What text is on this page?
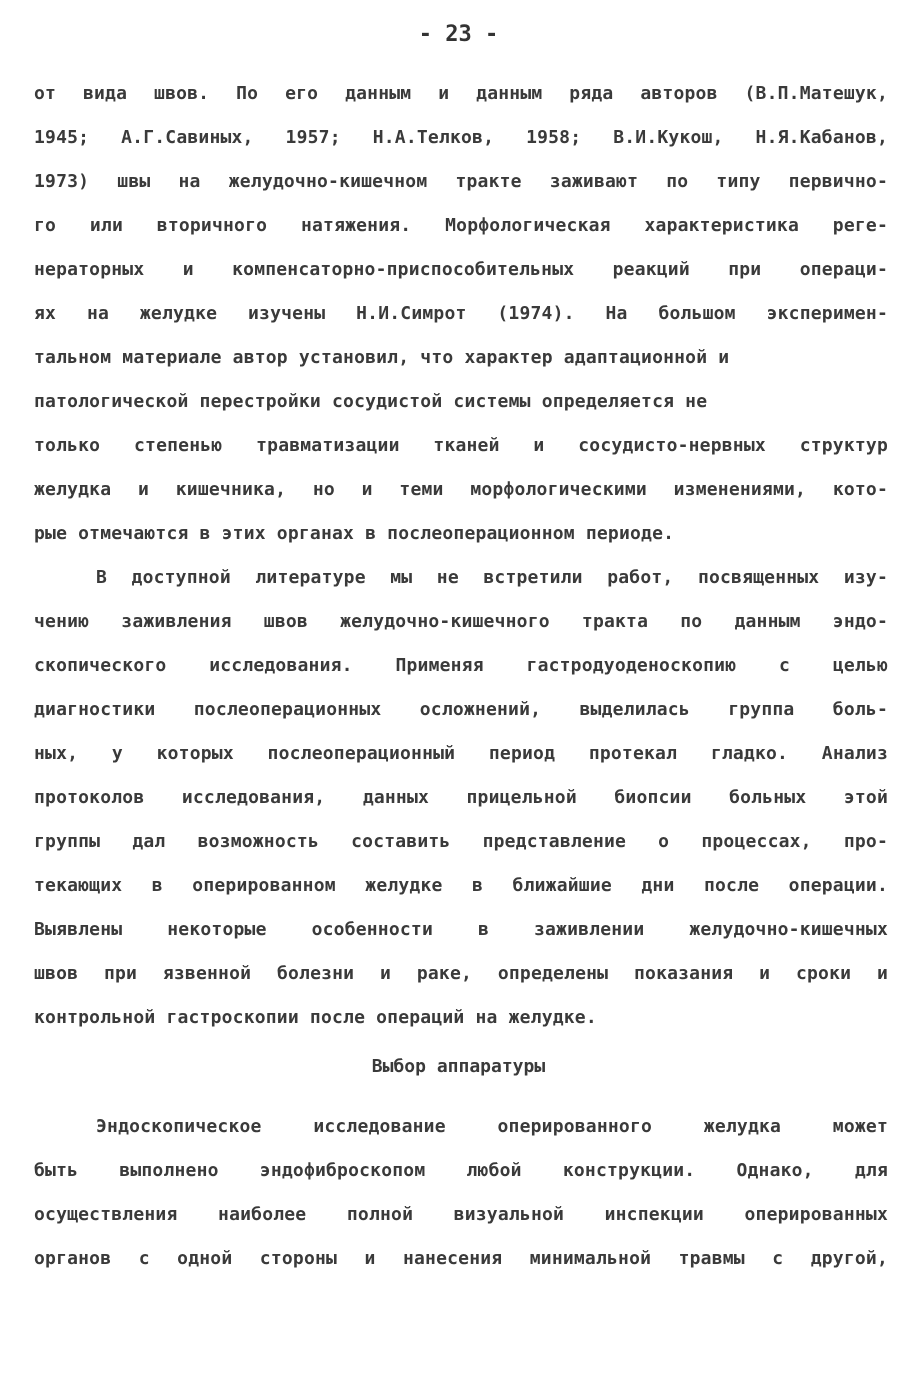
- 23 -
от вида швов. По его данным и данным ряда авторов (В.П.Матешук,
1945; А.Г.Савиных, 1957; Н.А.Телков, 1958; В.И.Кукош, Н.Я.Кабанов,
1973) швы на желудочно-кишечном тракте заживают по типу первично-
го или вторичного натяжения. Морфологическая характеристика реге-
нераторных и компенсаторно-приспособительных реакций при операци-
ях на желудке изучены Н.И.Симрот (1974). На большом эксперимен-
тальном материале автор установил, что характер адаптационной и
патологической перестройки сосудистой системы определяется не
только степенью травматизации тканей и сосудисто-нервных структур
желудка и кишечника, но и теми морфологическими изменениями, кото-
рые отмечаются в этих органах в послеоперационном периоде.
В доступной литературе мы не встретили работ, посвященных изу-
чению заживления швов желудочно-кишечного тракта по данным эндо-
скопического исследования. Применяя гастродуоденоскопию с целью
диагностики послеоперационных осложнений, выделилась группа боль-
ных, у которых послеоперационный период протекал гладко. Анализ
протоколов исследования, данных прицельной биопсии больных этой
группы дал возможность составить представление о процессах, про-
текающих в оперированном желудке в ближайшие дни после операции.
Выявлены некоторые особенности в заживлении желудочно-кишечных
швов при язвенной болезни и раке, определены показания и сроки и
контрольной гастроскопии после операций на желудке.
Выбор аппаратуры
Эндоскопическое исследование оперированного желудка может
быть выполнено эндофиброскопом любой конструкции. Однако, для
осуществления наиболее полной визуальной инспекции оперированных
органов с одной стороны и нанесения минимальной травмы с другой,
